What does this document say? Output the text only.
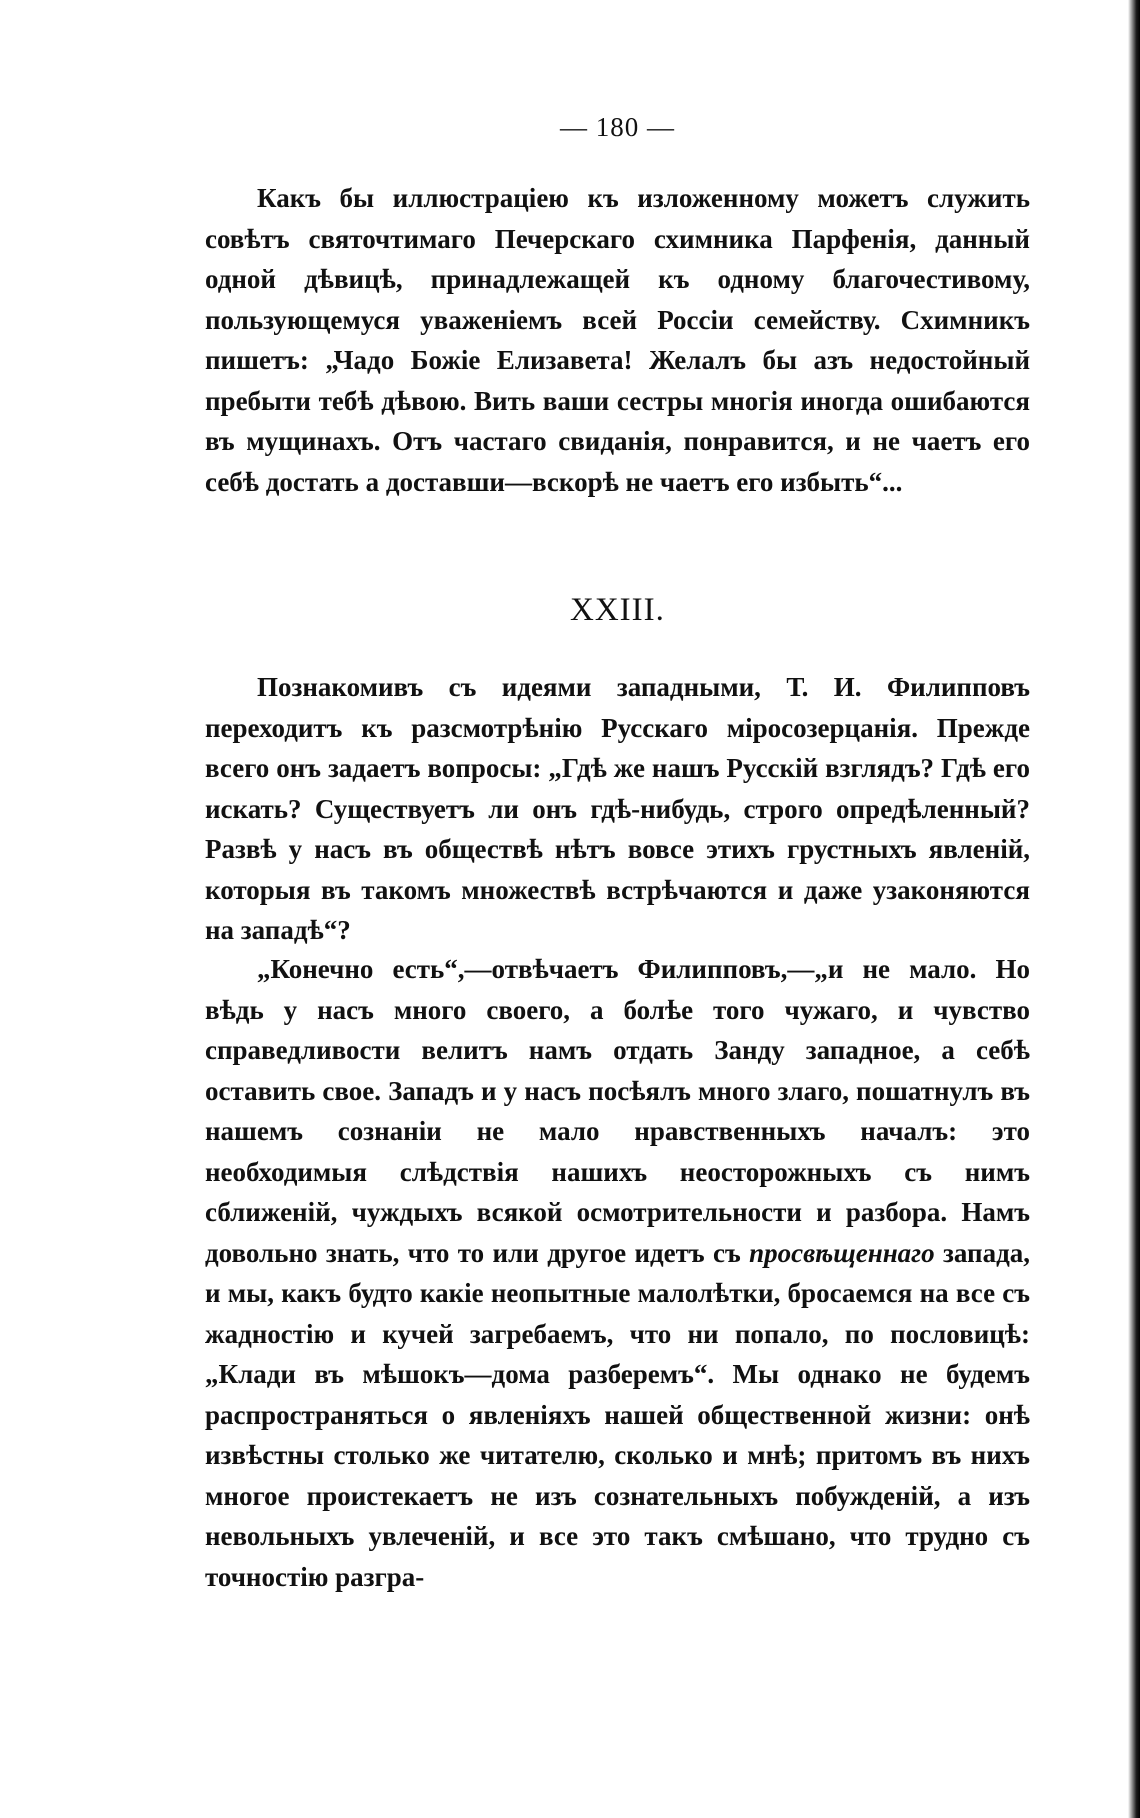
— 180 —

Какъ бы иллюстраціею къ изложенному можетъ служить совѣтъ святочтимаго Печерскаго схимника Парфенія, данный одной дѣвицѣ, принадлежащей къ одному благочестивому, пользующемуся уваженіемъ всей Россіи семейству. Схимникъ пишетъ: „Чадо Божіе Елизавета! Желалъ бы азъ недостойный пребыти тебѣ дѣвою. Вить ваши сестры многія иногда ошибаются въ мущинахъ. Отъ частаго свиданія, понравится, и не чаетъ его себѣ достать а доставши—вскорѣ не чаетъ его избыть“...

XXIII.

Познакомивъ съ идеями западными, Т. И. Филипповъ переходитъ къ разсмотрѣнію Русскаго міросозерцанія. Прежде всего онъ задаетъ вопросы: „Гдѣ же нашъ Русскій взглядъ? Гдѣ его искать? Существуетъ ли онъ гдѣ-нибудь, строго опредѣленный? Развѣ у насъ въ обществѣ нѣтъ вовсе этихъ грустныхъ явленій, которыя въ такомъ множествѣ встрѣчаются и даже узаконяются на западѣ“?

„Конечно есть“,—отвѣчаетъ Филипповъ,—„и не мало. Но вѣдь у насъ много своего, а болѣе того чужаго, и чувство справедливости велитъ намъ отдать Занду западное, а себѣ оставить свое. Западъ и у насъ посѣялъ много злаго, пошатнулъ въ нашемъ сознаніи не мало нравственныхъ началъ: это необходимыя слѣдствія нашихъ неосторожныхъ съ нимъ сближеній, чуждыхъ всякой осмотрительности и разбора. Намъ довольно знать, что то или другое идетъ съ просвѣщеннаго запада, и мы, какъ будто какіе неопытные малолѣтки, бросаемся на все съ жадностію и кучей загребаемъ, что ни попало, по пословицѣ: „Клади въ мѣшокъ—дома разберемъ“. Мы однако не будемъ распространяться о явленіяхъ нашей общественной жизни: онѣ извѣстны столько же читателю, сколько и мнѣ; притомъ въ нихъ многое проистекаетъ не изъ сознательныхъ побужденій, а изъ невольныхъ увлеченій, и все это такъ смѣшано, что трудно съ точностію разгра-
